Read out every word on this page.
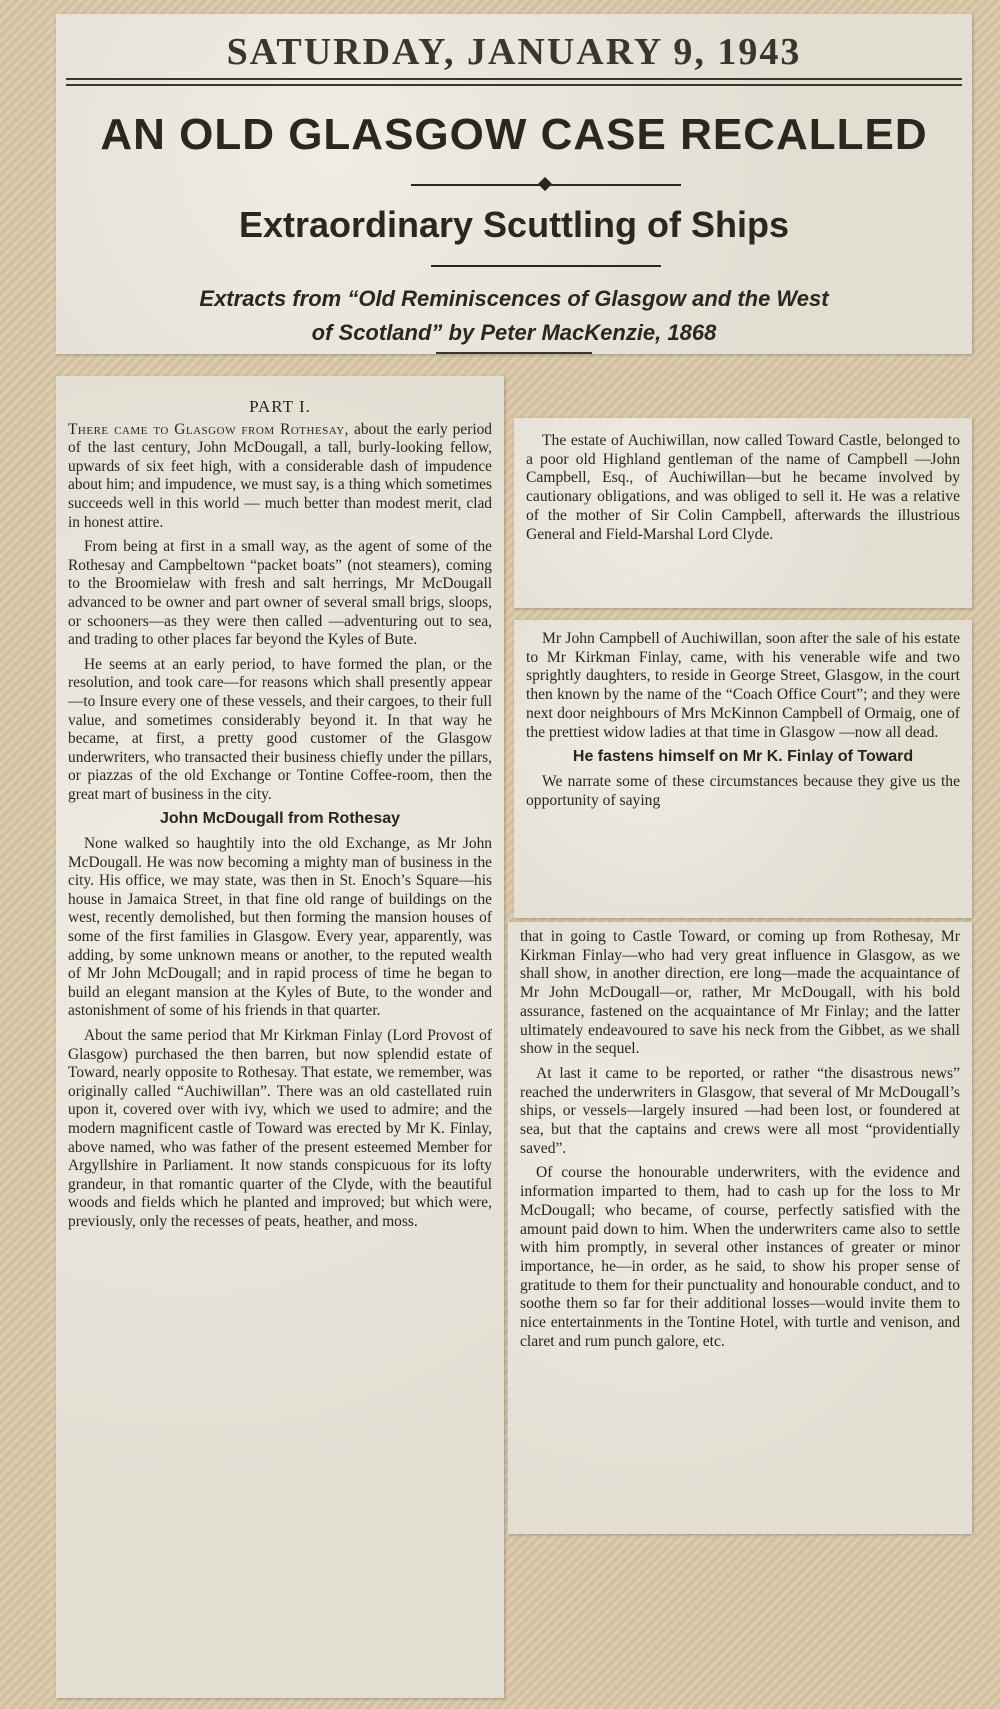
SATURDAY, JANUARY 9, 1943
AN OLD GLASGOW CASE RECALLED
Extraordinary Scuttling of Ships
Extracts from “Old Reminiscences of Glasgow and the West
of Scotland” by Peter MacKenzie, 1868
PART I.

There came to Glasgow from Rothesay, about the early period of the last century, John McDougall, a tall, burly-looking fellow, upwards of six feet high, with a considerable dash of impudence about him; and impudence, we must say, is a thing which sometimes succeeds well in this world — much better than modest merit, clad in honest attire.

From being at first in a small way, as the agent of some of the Rothesay and Campbeltown “packet boats” (not steamers), coming to the Broomielaw with fresh and salt herrings, Mr McDougall advanced to be owner and part owner of several small brigs, sloops, or schooners—as they were then called —adventuring out to sea, and trading to other places far beyond the Kyles of Bute.

He seems at an early period, to have formed the plan, or the resolution, and took care—for reasons which shall presently appear—to Insure every one of these vessels, and their cargoes, to their full value, and sometimes considerably beyond it. In that way he became, at first, a pretty good customer of the Glasgow underwriters, who transacted their business chiefly under the pillars, or piazzas of the old Exchange or Tontine Coffee-room, then the great mart of business in the city.

John McDougall from Rothesay

None walked so haughtily into the old Exchange, as Mr John McDougall. He was now becoming a mighty man of business in the city. His office, we may state, was then in St. Enoch’s Square—his house in Jamaica Street, in that fine old range of buildings on the west, recently demolished, but then forming the mansion houses of some of the first families in Glasgow. Every year, apparently, was adding, by some unknown means or another, to the reputed wealth of Mr John McDougall; and in rapid process of time he began to build an elegant mansion at the Kyles of Bute, to the wonder and astonishment of some of his friends in that quarter.

About the same period that Mr Kirkman Finlay (Lord Provost of Glasgow) purchased the then barren, but now splendid estate of Toward, nearly opposite to Rothesay. That estate, we remember, was originally called “Auchiwillan”. There was an old castellated ruin upon it, covered over with ivy, which we used to admire; and the modern magnificent castle of Toward was erected by Mr K. Finlay, above named, who was father of the present esteemed Member for Argyllshire in Parliament. It now stands conspicuous for its lofty grandeur, in that romantic quarter of the Clyde, with the beautiful woods and fields which he planted and improved; but which were, previously, only the recesses of peats, heather, and moss.

The estate of Auchiwillan, now called Toward Castle, belonged to a poor old Highland gentleman of the name of Campbell —John Campbell, Esq., of Auchiwillan—but he became involved by cautionary obligations, and was obliged to sell it. He was a relative of the mother of Sir Colin Campbell, afterwards the illustrious General and Field-Marshal Lord Clyde.

Mr John Campbell of Auchiwillan, soon after the sale of his estate to Mr Kirkman Finlay, came, with his venerable wife and two sprightly daughters, to reside in George Street, Glasgow, in the court then known by the name of the “Coach Office Court”; and they were next door neighbours of Mrs McKinnon Campbell of Ormaig, one of the prettiest widow ladies at that time in Glasgow —now all dead.

He fastens himself on Mr K. Finlay of Toward

We narrate some of these circumstances because they give us the opportunity of saying

that in going to Castle Toward, or coming up from Rothesay, Mr Kirkman Finlay—who had very great influence in Glasgow, as we shall show, in another direction, ere long—made the acquaintance of Mr John McDougall—or, rather, Mr McDougall, with his bold assurance, fastened on the acquaintance of Mr Finlay; and the latter ultimately endeavoured to save his neck from the Gibbet, as we shall show in the sequel.

At last it came to be reported, or rather “the disastrous news” reached the underwriters in Glasgow, that several of Mr McDougall’s ships, or vessels—largely insured —had been lost, or foundered at sea, but that the captains and crews were all most “providentially saved”.

Of course the honourable underwriters, with the evidence and information imparted to them, had to cash up for the loss to Mr McDougall; who became, of course, perfectly satisfied with the amount paid down to him. When the underwriters came also to settle with him promptly, in several other instances of greater or minor importance, he—in order, as he said, to show his proper sense of gratitude to them for their punctuality and honourable conduct, and to soothe them so far for their additional losses—would invite them to nice entertainments in the Tontine Hotel, with turtle and venison, and claret and rum punch galore, etc.
